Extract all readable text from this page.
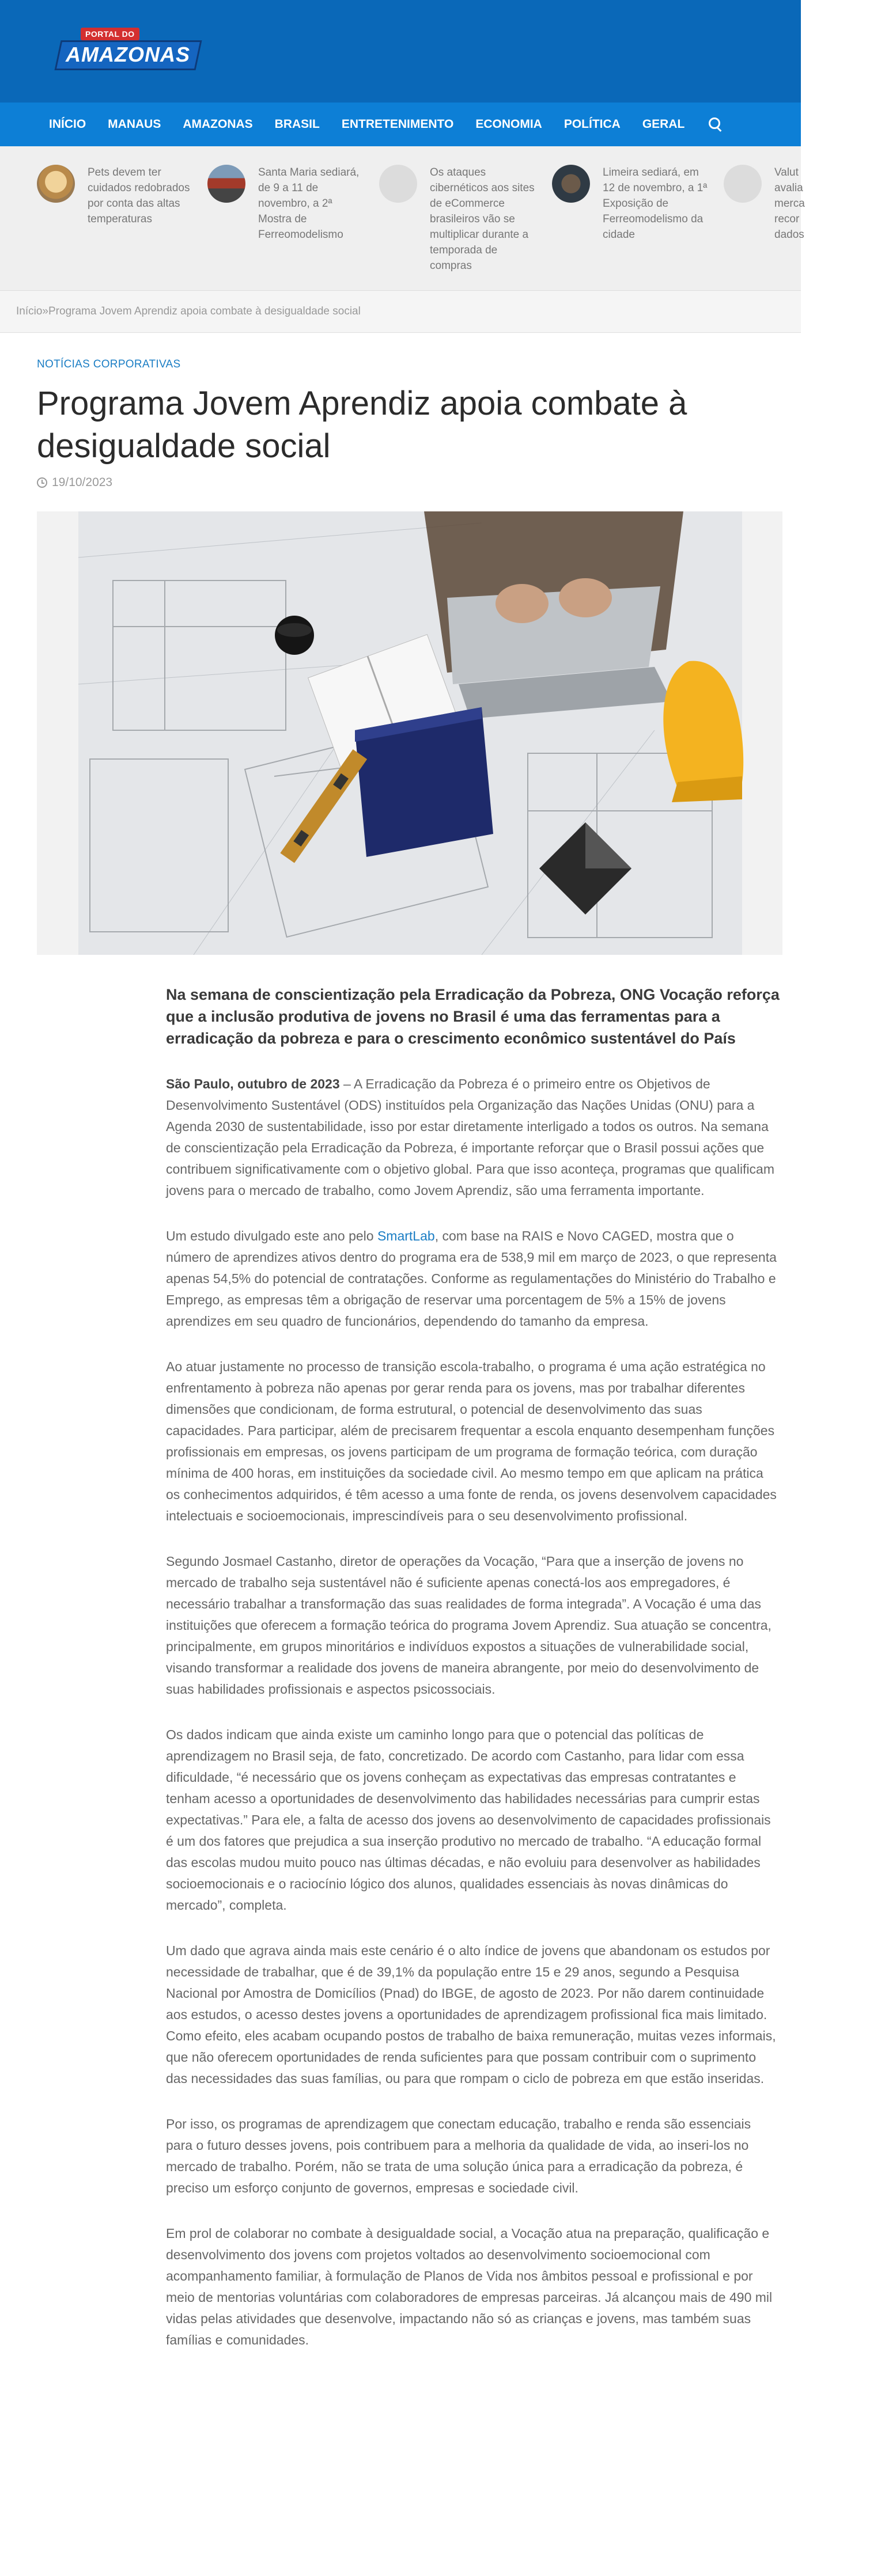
PORTAL DO
AMAZONAS
INÍCIO MANAUS AMAZONAS BRASIL ENTRETENIMENTO ECONOMIA POLÍTICA GERAL
Pets devem ter cuidados redobrados por conta das altas temperaturas
Santa Maria sediará, de 9 a 11 de novembro, a 2ª Mostra de Ferreomodelismo
Os ataques cibernéticos aos sites de eCommerce brasileiros vão se multiplicar durante a temporada de compras
Limeira sediará, em 12 de novembro, a 1ª Exposição de Ferreomodelismo da cidade
Valut avalia merca recor dados
Início » Programa Jovem Aprendiz apoia combate à desigualdade social
NOTÍCIAS CORPORATIVAS
Programa Jovem Aprendiz apoia combate à desigualdade social
19/10/2023

Na semana de conscientização pela Erradicação da Pobreza, ONG Vocação reforça que a inclusão produtiva de jovens no Brasil é uma das ferramentas para a erradicação da pobreza e para o crescimento econômico sustentável do País

São Paulo, outubro de 2023 – A Erradicação da Pobreza é o primeiro entre os Objetivos de Desenvolvimento Sustentável (ODS) instituídos pela Organização das Nações Unidas (ONU) para a Agenda 2030 de sustentabilidade, isso por estar diretamente interligado a todos os outros. Na semana de conscientização pela Erradicação da Pobreza, é importante reforçar que o Brasil possui ações que contribuem significativamente com o objetivo global. Para que isso aconteça, programas que qualificam jovens para o mercado de trabalho, como Jovem Aprendiz, são uma ferramenta importante.

Um estudo divulgado este ano pelo SmartLab, com base na RAIS e Novo CAGED, mostra que o número de aprendizes ativos dentro do programa era de 538,9 mil em março de 2023, o que representa apenas 54,5% do potencial de contratações. Conforme as regulamentações do Ministério do Trabalho e Emprego, as empresas têm a obrigação de reservar uma porcentagem de 5% a 15% de jovens aprendizes em seu quadro de funcionários, dependendo do tamanho da empresa.

Ao atuar justamente no processo de transição escola-trabalho, o programa é uma ação estratégica no enfrentamento à pobreza não apenas por gerar renda para os jovens, mas por trabalhar diferentes dimensões que condicionam, de forma estrutural, o potencial de desenvolvimento das suas capacidades. Para participar, além de precisarem frequentar a escola enquanto desempenham funções profissionais em empresas, os jovens participam de um programa de formação teórica, com duração mínima de 400 horas, em instituições da sociedade civil. Ao mesmo tempo em que aplicam na prática os conhecimentos adquiridos, é têm acesso a uma fonte de renda, os jovens desenvolvem capacidades intelectuais e socioemocionais, imprescindíveis para o seu desenvolvimento profissional.

Segundo Josmael Castanho, diretor de operações da Vocação, “Para que a inserção de jovens no mercado de trabalho seja sustentável não é suficiente apenas conectá-los aos empregadores, é necessário trabalhar a transformação das suas realidades de forma integrada”. A Vocação é uma das instituições que oferecem a formação teórica do programa Jovem Aprendiz. Sua atuação se concentra, principalmente, em grupos minoritários e indivíduos expostos a situações de vulnerabilidade social, visando transformar a realidade dos jovens de maneira abrangente, por meio do desenvolvimento de suas habilidades profissionais e aspectos psicossociais.

Os dados indicam que ainda existe um caminho longo para que o potencial das políticas de aprendizagem no Brasil seja, de fato, concretizado. De acordo com Castanho, para lidar com essa dificuldade, “é necessário que os jovens conheçam as expectativas das empresas contratantes e tenham acesso a oportunidades de desenvolvimento das habilidades necessárias para cumprir estas expectativas.” Para ele, a falta de acesso dos jovens ao desenvolvimento de capacidades profissionais é um dos fatores que prejudica a sua inserção produtivo no mercado de trabalho. “A educação formal das escolas mudou muito pouco nas últimas décadas, e não evoluiu para desenvolver as habilidades socioemocionais e o raciocínio lógico dos alunos, qualidades essenciais às novas dinâmicas do mercado”, completa.

Um dado que agrava ainda mais este cenário é o alto índice de jovens que abandonam os estudos por necessidade de trabalhar, que é de 39,1% da população entre 15 e 29 anos, segundo a Pesquisa Nacional por Amostra de Domicílios (Pnad) do IBGE, de agosto de 2023. Por não darem continuidade aos estudos, o acesso destes jovens a oportunidades de aprendizagem profissional fica mais limitado. Como efeito, eles acabam ocupando postos de trabalho de baixa remuneração, muitas vezes informais, que não oferecem oportunidades de renda suficientes para que possam contribuir com o suprimento das necessidades das suas famílias, ou para que rompam o ciclo de pobreza em que estão inseridas.

Por isso, os programas de aprendizagem que conectam educação, trabalho e renda são essenciais para o futuro desses jovens, pois contribuem para a melhoria da qualidade de vida, ao inseri-los no mercado de trabalho. Porém, não se trata de uma solução única para a erradicação da pobreza, é preciso um esforço conjunto de governos, empresas e sociedade civil.

Em prol de colaborar no combate à desigualdade social, a Vocação atua na preparação, qualificação e desenvolvimento dos jovens com projetos voltados ao desenvolvimento socioemocional com acompanhamento familiar, à formulação de Planos de Vida nos âmbitos pessoal e profissional e por meio de mentorias voluntárias com colaboradores de empresas parceiras. Já alcançou mais de 490 mil vidas pelas atividades que desenvolve, impactando não só as crianças e jovens, mas também suas famílias e comunidades.
